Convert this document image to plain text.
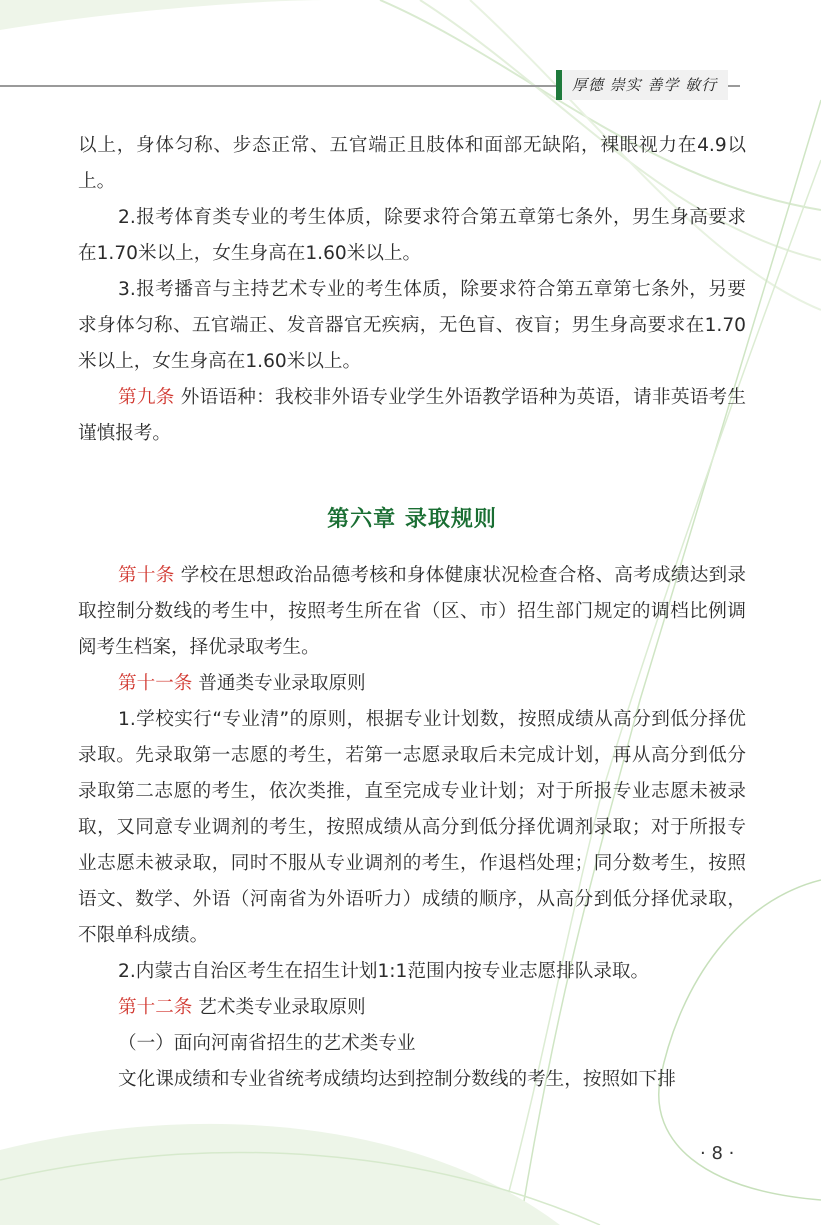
厚德 崇实 善学 敏行

以上，身体匀称、步态正常、五官端正且肢体和面部无缺陷，裸眼视力在4.9以上。

2.报考体育类专业的考生体质，除要求符合第五章第七条外，男生身高要求在1.70米以上，女生身高在1.60米以上。

3.报考播音与主持艺术专业的考生体质，除要求符合第五章第七条外，另要求身体匀称、五官端正、发音器官无疾病，无色盲、夜盲；男生身高要求在1.70米以上，女生身高在1.60米以上。

第九条 外语语种：我校非外语专业学生外语教学语种为英语，请非英语考生谨慎报考。

第六章 录取规则

第十条 学校在思想政治品德考核和身体健康状况检查合格、高考成绩达到录取控制分数线的考生中，按照考生所在省（区、市）招生部门规定的调档比例调阅考生档案，择优录取考生。

第十一条 普通类专业录取原则

1.学校实行“专业清”的原则，根据专业计划数，按照成绩从高分到低分择优录取。先录取第一志愿的考生，若第一志愿录取后未完成计划，再从高分到低分录取第二志愿的考生，依次类推，直至完成专业计划；对于所报专业志愿未被录取，又同意专业调剂的考生，按照成绩从高分到低分择优调剂录取；对于所报专业志愿未被录取，同时不服从专业调剂的考生，作退档处理；同分数考生，按照语文、数学、外语（河南省为外语听力）成绩的顺序，从高分到低分择优录取，不限单科成绩。

2.内蒙古自治区考生在招生计划1:1范围内按专业志愿排队录取。

第十二条 艺术类专业录取原则

（一）面向河南省招生的艺术类专业

文化课成绩和专业省统考成绩均达到控制分数线的考生，按照如下排

· 8 ·
